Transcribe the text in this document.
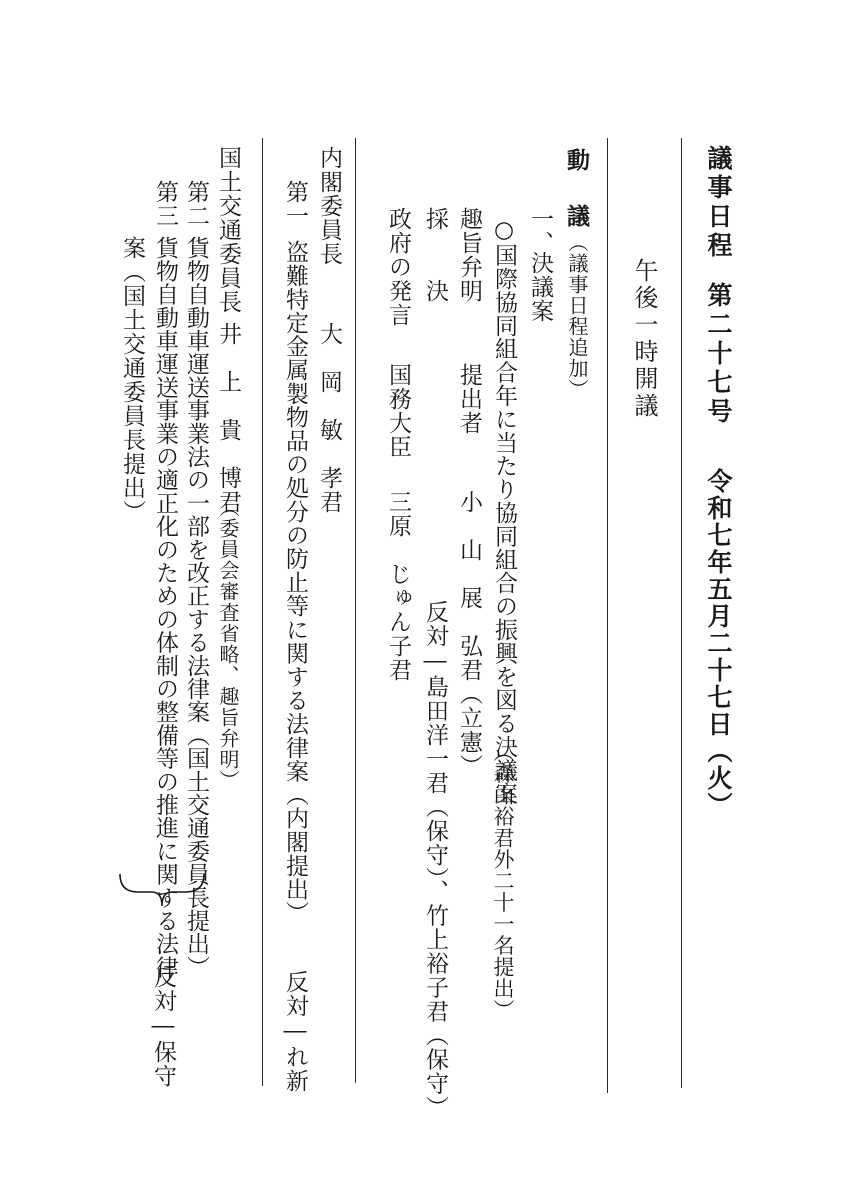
議事日程
第二十七号
令和七年五月二十七日（火）
午後一時開議
動
議
（議事日程追加）
一、
決議案
○国際協同組合年に当たり協同組合の振興を図る決議案
（森山裕君外二十一名提出）
趣旨弁明
提出者
小　山　展　弘君（立憲）
採　　決
反対―島田洋一君（保守）、竹上裕子君（保守）
政府の発言
国務大臣
三原　じゅん子君
内閣委員長
大　岡　敏　孝君
第一
盗難特定金属製物品の処分の防止等に関する法律案（内閣提出）
反対―れ新
国土交通委員長
井　上　貴　博君
（委員会審査省略、趣旨弁明）
第二
貨物自動車運送事業法の一部を改正する法律案（国土交通委員長提出）
第三
貨物自動車運送事業の適正化のための体制の整備等の推進に関する法律
案（国土交通委員長提出）
反対―保守
